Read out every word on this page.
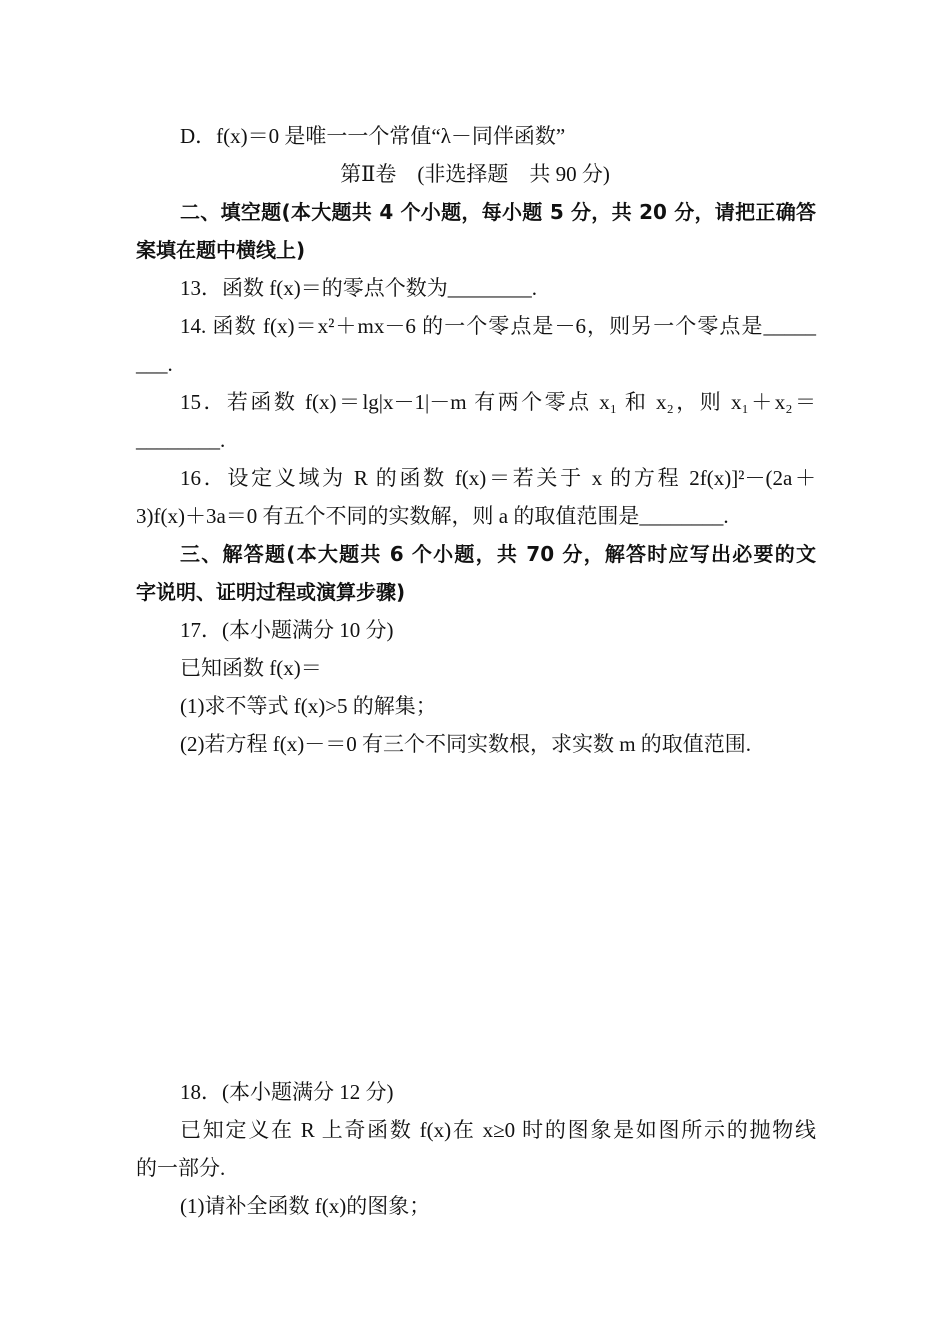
D．f(x)＝0 是唯一一个常值“λ－同伴函数”
第Ⅱ卷　(非选择题　共 90 分)
二、填空题(本大题共 4 个小题，每小题 5 分，共 20 分，请把正确答
案填在题中横线上)
13．函数 f(x)＝的零点个数为________.
14. 函数 f(x)＝x²＋mx－6 的一个零点是－6，则另一个零点是_____
___.
15．若函数 f(x)＝lg|x－1|－m 有两个零点 x₁ 和 x₂，则 x₁＋x₂＝
________.
16．设定义域为 R 的函数 f(x)＝若关于 x 的方程 2f(x)]²－(2a＋
3)f(x)＋3a＝0 有五个不同的实数解，则 a 的取值范围是________.
三、解答题(本大题共 6 个小题，共 70 分，解答时应写出必要的文
字说明、证明过程或演算步骤)
17．(本小题满分 10 分)
已知函数 f(x)＝
(1)求不等式 f(x)>5 的解集；
(2)若方程 f(x)－＝0 有三个不同实数根，求实数 m 的取值范围.
18．(本小题满分 12 分)
已知定义在 R 上奇函数 f(x)在 x≥0 时的图象是如图所示的抛物线
的一部分.
(1)请补全函数 f(x)的图象；
